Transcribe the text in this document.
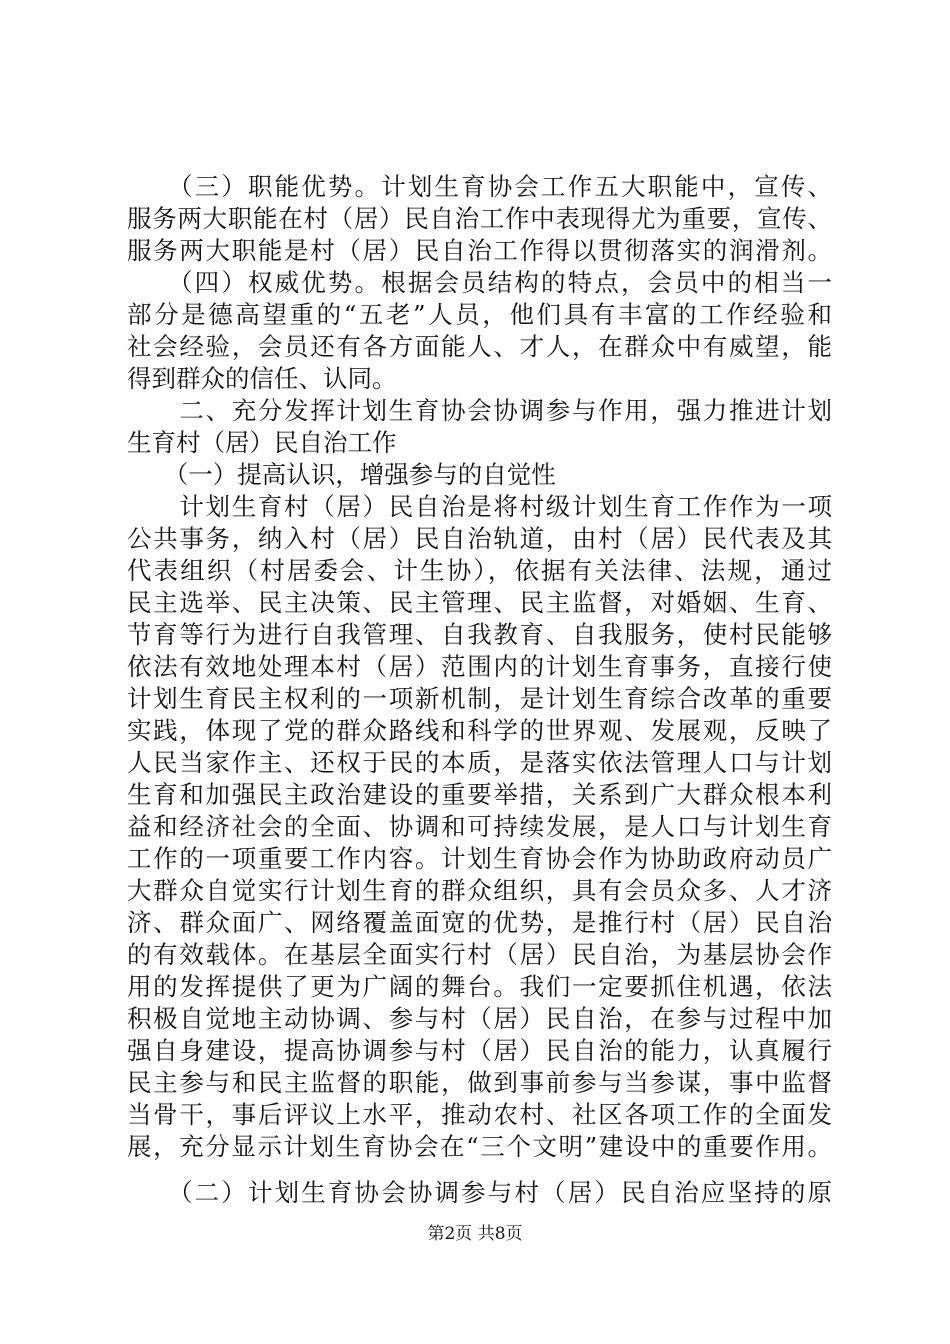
　　（三）职能优势。计划生育协会工作五大职能中，宣传、
服务两大职能在村（居）民自治工作中表现得尤为重要，宣传、
服务两大职能是村（居）民自治工作得以贯彻落实的润滑剂。
　　（四）权威优势。根据会员结构的特点，会员中的相当一
部分是德高望重的“五老”人员，他们具有丰富的工作经验和
社会经验，会员还有各方面能人、才人，在群众中有威望，能
得到群众的信任、认同。
　　二、充分发挥计划生育协会协调参与作用，强力推进计划
生育村（居）民自治工作
　　（一）提高认识，增强参与的自觉性
　　计划生育村（居）民自治是将村级计划生育工作作为一项
公共事务，纳入村（居）民自治轨道，由村（居）民代表及其
代表组织（村居委会、计生协），依据有关法律、法规，通过
民主选举、民主决策、民主管理、民主监督，对婚姻、生育、
节育等行为进行自我管理、自我教育、自我服务，使村民能够
依法有效地处理本村（居）范围内的计划生育事务，直接行使
计划生育民主权利的一项新机制，是计划生育综合改革的重要
实践，体现了党的群众路线和科学的世界观、发展观，反映了
人民当家作主、还权于民的本质，是落实依法管理人口与计划
生育和加强民主政治建设的重要举措，关系到广大群众根本利
益和经济社会的全面、协调和可持续发展，是人口与计划生育
工作的一项重要工作内容。计划生育协会作为协助政府动员广
大群众自觉实行计划生育的群众组织，具有会员众多、人才济
济、群众面广、网络覆盖面宽的优势，是推行村（居）民自治
的有效载体。在基层全面实行村（居）民自治，为基层协会作
用的发挥提供了更为广阔的舞台。我们一定要抓住机遇，依法
积极自觉地主动协调、参与村（居）民自治，在参与过程中加
强自身建设，提高协调参与村（居）民自治的能力，认真履行
民主参与和民主监督的职能，做到事前参与当参谋，事中监督
当骨干，事后评议上水平，推动农村、社区各项工作的全面发
展，充分显示计划生育协会在“三个文明”建设中的重要作用。
　　（二）计划生育协会协调参与村（居）民自治应坚持的原
第2页 共8页
